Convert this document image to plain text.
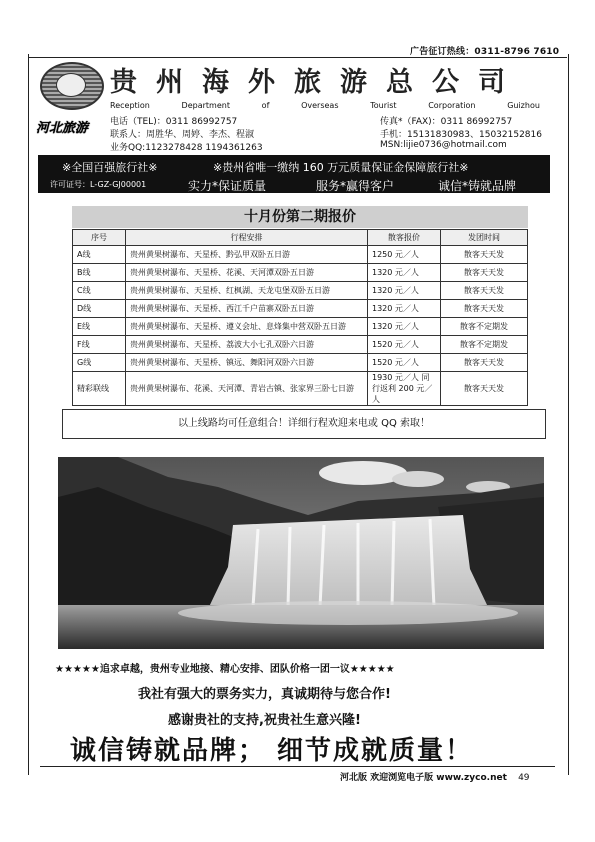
广告征订热线：0311-8796 7610
河北旅游
贵州海外旅游总公司
Reception	Department	of	Overseas	Tourist	Corporation	Guizhou
电话（TEL)：0311 86992757	传真*（FAX)：0311 86992757
联系人：周胜华、周婷、李杰、程淑	手机：15131830983、15032152816
业务QQ:1123278428 1194361263	MSN:lijie0736@hotmail.com
※全国百强旅行社※	※贵州省唯一缴纳 160 万元质量保证金保障旅行社※
许可证号：L-GZ-GJ00001	实力*保证质量	服务*赢得客户	诚信*铸就品牌
十月份第二期报价
序号	行程安排	散客报价	发团时间
A线	贵州黄果树瀑布、天星桥、黔弘甲双卧五日游	1250 元／人	散客天天发
B线	贵州黄果树瀑布、天星桥、花溪、天河潭双卧五日游	1320 元／人	散客天天发
C线	贵州黄果树瀑布、天星桥、红枫湖、天龙屯堡双卧五日游	1320 元／人	散客天天发
D线	贵州黄果树瀑布、天星桥、西江千户苗寨双卧五日游	1320 元／人	散客天天发
E线	贵州黄果树瀑布、天星桥、遵义会址、息烽集中营双卧五日游	1320 元／人	散客不定期发
F线	贵州黄果树瀑布、天星桥、荔波大小七孔双卧六日游	1520 元／人	散客不定期发
G线	贵州黄果树瀑布、天星桥、镇远、舞阳河双卧六日游	1520 元／人	散客天天发
精彩联线	贵州黄果树瀑布、花溪、天河潭、青岩古镇、张家界三卧七日游	1930 元／人 同行返利 200 元／人	散客天天发
以上线路均可任意组合！详细行程欢迎来电或 QQ 索取！
★★★★★追求卓越，贵州专业地接、精心安排、团队价格一团一议★★★★★
我社有强大的票务实力，真诚期待与您合作!
感谢贵社的支持,祝贵社生意兴隆!
诚信铸就品牌； 细节成就质量！
河北版 欢迎浏览电子版 www.zyco.net 49
